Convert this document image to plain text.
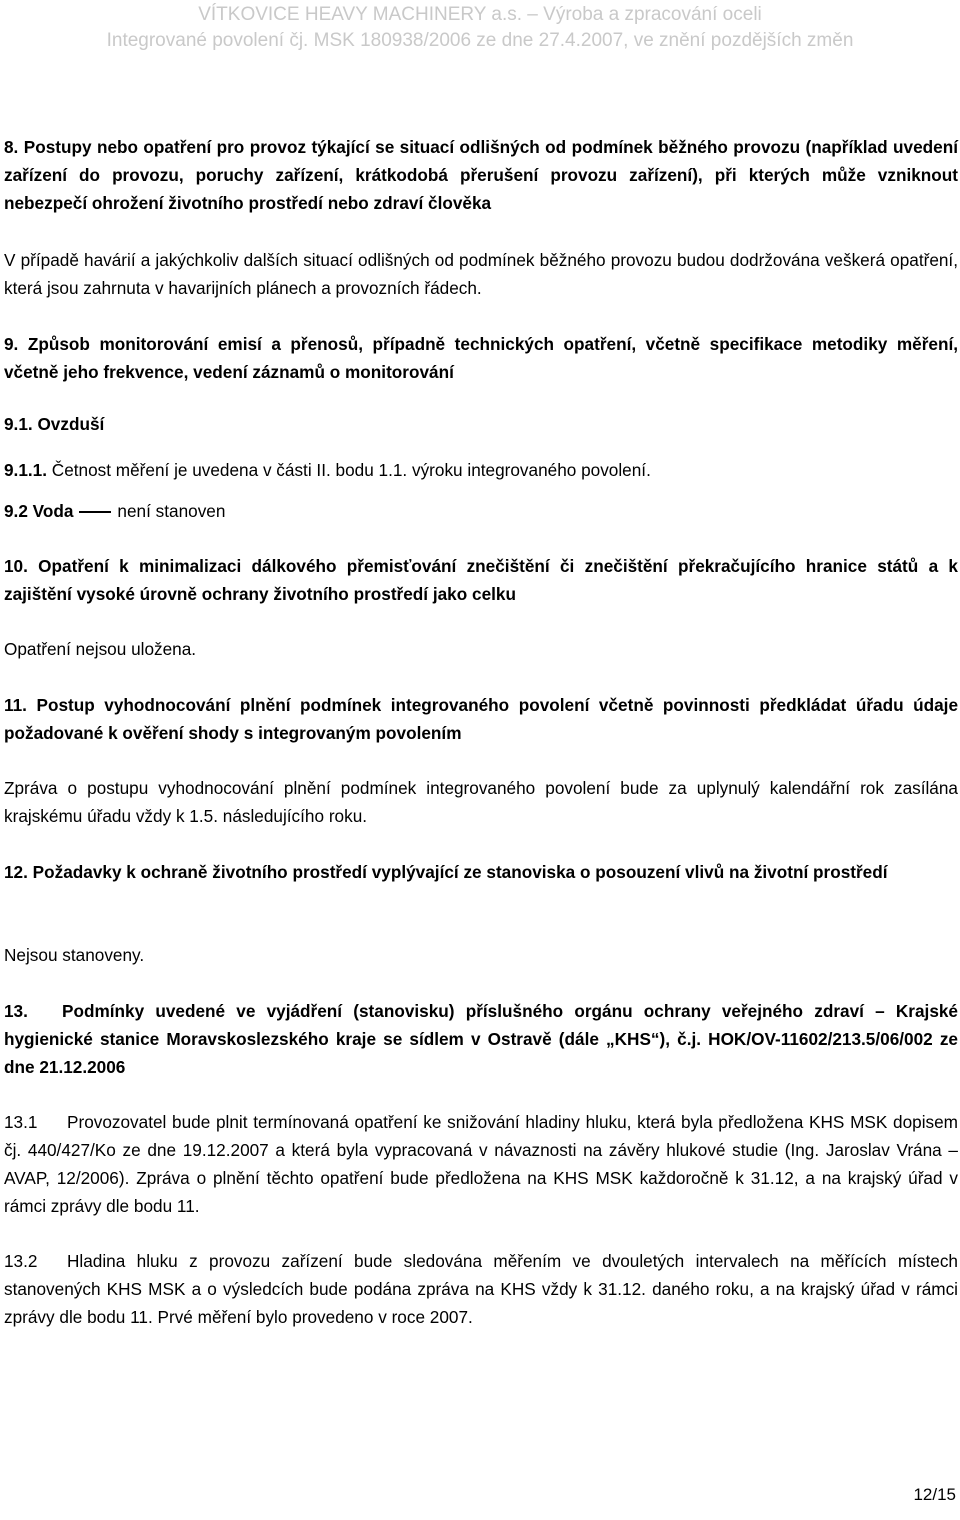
VÍTKOVICE HEAVY MACHINERY a.s. – Výroba a zpracování oceli
Integrované povolení čj. MSK 180938/2006 ze dne 27.4.2007, ve znění pozdějších změn
8. Postupy nebo opatření pro provoz týkající se situací odlišných od podmínek běžného provozu (například uvedení zařízení do provozu, poruchy zařízení, krátkodobá přerušení provozu zařízení), při kterých může vzniknout nebezpečí ohrožení životního prostředí nebo zdraví člověka
V případě havárií a jakýchkoliv dalších situací odlišných od podmínek běžného provozu budou dodržována veškerá opatření, která jsou zahrnuta v havarijních plánech a provozních řádech.
9. Způsob monitorování emisí a přenosů, případně technických opatření, včetně specifikace metodiky měření, včetně jeho frekvence, vedení záznamů o monitorování
9.1. Ovzduší
9.1.1. Četnost měření je uvedena v části II. bodu 1.1. výroku integrovaného povolení.
9.2 Voda	není stanoven
10. Opatření k minimalizaci dálkového přemisťování znečištění či znečištění překračujícího hranice států a k zajištění vysoké úrovně ochrany životního prostředí jako celku
Opatření nejsou uložena.
11. Postup vyhodnocování plnění podmínek integrovaného povolení včetně povinnosti předkládat úřadu údaje požadované k ověření shody s integrovaným povolením
Zpráva o postupu vyhodnocování plnění podmínek integrovaného povolení bude za uplynulý kalendářní rok zasílána krajskému úřadu vždy k 1.5. následujícího roku.
12. Požadavky k ochraně životního prostředí vyplývající ze stanoviska o posouzení vlivů na životní prostředí
Nejsou stanoveny.
13. Podmínky uvedené ve vyjádření (stanovisku) příslušného orgánu ochrany veřejného zdraví – Krajské hygienické stanice Moravskoslezského kraje se sídlem v Ostravě (dále „KHS“), č.j. HOK/OV-11602/213.5/06/002 ze dne 21.12.2006
13.1 Provozovatel bude plnit termínovaná opatření ke snižování hladiny hluku, která byla předložena KHS MSK dopisem čj. 440/427/Ko ze dne 19.12.2007 a která byla vypracovaná v návaznosti na závěry hlukové studie (Ing. Jaroslav Vrána – AVAP, 12/2006). Zpráva o plnění těchto opatření bude předložena na KHS MSK každoročně k 31.12, a na krajský úřad v rámci zprávy dle bodu 11.
13.2 Hladina hluku z provozu zařízení bude sledována měřením ve dvouletých intervalech na měřících místech stanovených KHS MSK a o výsledcích bude podána zpráva na KHS vždy k 31.12. daného roku, a na krajský úřad v rámci zprávy dle bodu 11. Prvé měření bylo provedeno v roce 2007.
12/15
